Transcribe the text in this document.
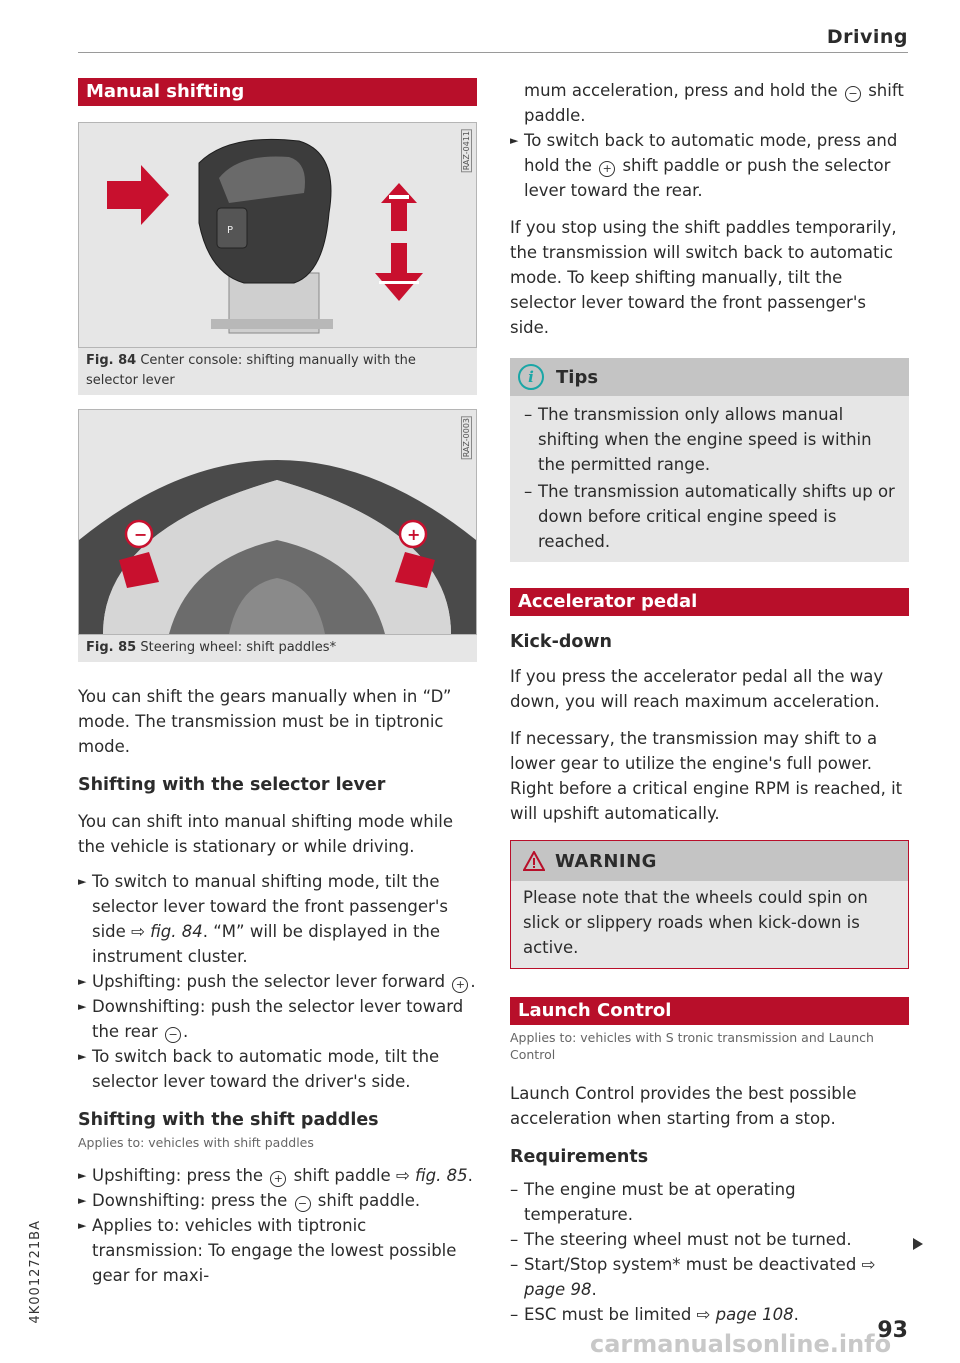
Driving
Manual shifting
RAZ-0411
P
Fig. 84 Center console: shifting manually with the selector lever
RAZ-0003
−	+
Fig. 85 Steering wheel: shift paddles*

You can shift the gears manually when in “D” mode. The transmission must be in tiptronic mode.

Shifting with the selector lever

You can shift into manual shifting mode while the vehicle is stationary or while driving.

► To switch to manual shifting mode, tilt the selector lever toward the front passenger's side ⇨ fig. 84. “M” will be displayed in the instrument cluster.
► Upshifting: push the selector lever forward + .
► Downshifting: push the selector lever toward the rear − .
► To switch back to automatic mode, tilt the selector lever toward the driver's side.
Shifting with the shift paddles
Applies to: vehicles with shift paddles
► Upshifting: press the + shift paddle ⇨ fig. 85.
► Downshifting: press the − shift paddle.
► Applies to: vehicles with tiptronic transmission: To engage the lowest possible gear for maxi-

mum acceleration, press and hold the − shift paddle.

► To switch back to automatic mode, press and hold the + shift paddle or push the selector lever toward the rear.

If you stop using the shift paddles temporarily, the transmission will switch back to automatic mode. To keep shifting manually, tilt the selector lever toward the front passenger's side.

i	Tips
– The transmission only allows manual shifting when the engine speed is within the permitted range.
– The transmission automatically shifts up or down before critical engine speed is reached.
Accelerator pedal
Kick-down

If you press the accelerator pedal all the way down, you will reach maximum acceleration.

If necessary, the transmission may shift to a lower gear to utilize the engine's full power. Right before a critical engine RPM is reached, it will upshift automatically.

WARNING

Please note that the wheels could spin on slick or slippery roads when kick-down is active.

Launch Control
Applies to: vehicles with S tronic transmission and Launch Control

Launch Control provides the best possible acceleration when starting from a stop.

Requirements
– The engine must be at operating temperature.
– The steering wheel must not be turned.
– Start/Stop system* must be deactivated ⇨ page 98.
– ESC must be limited ⇨ page 108.
93
4K0012721BA
carmanualsonline.info
